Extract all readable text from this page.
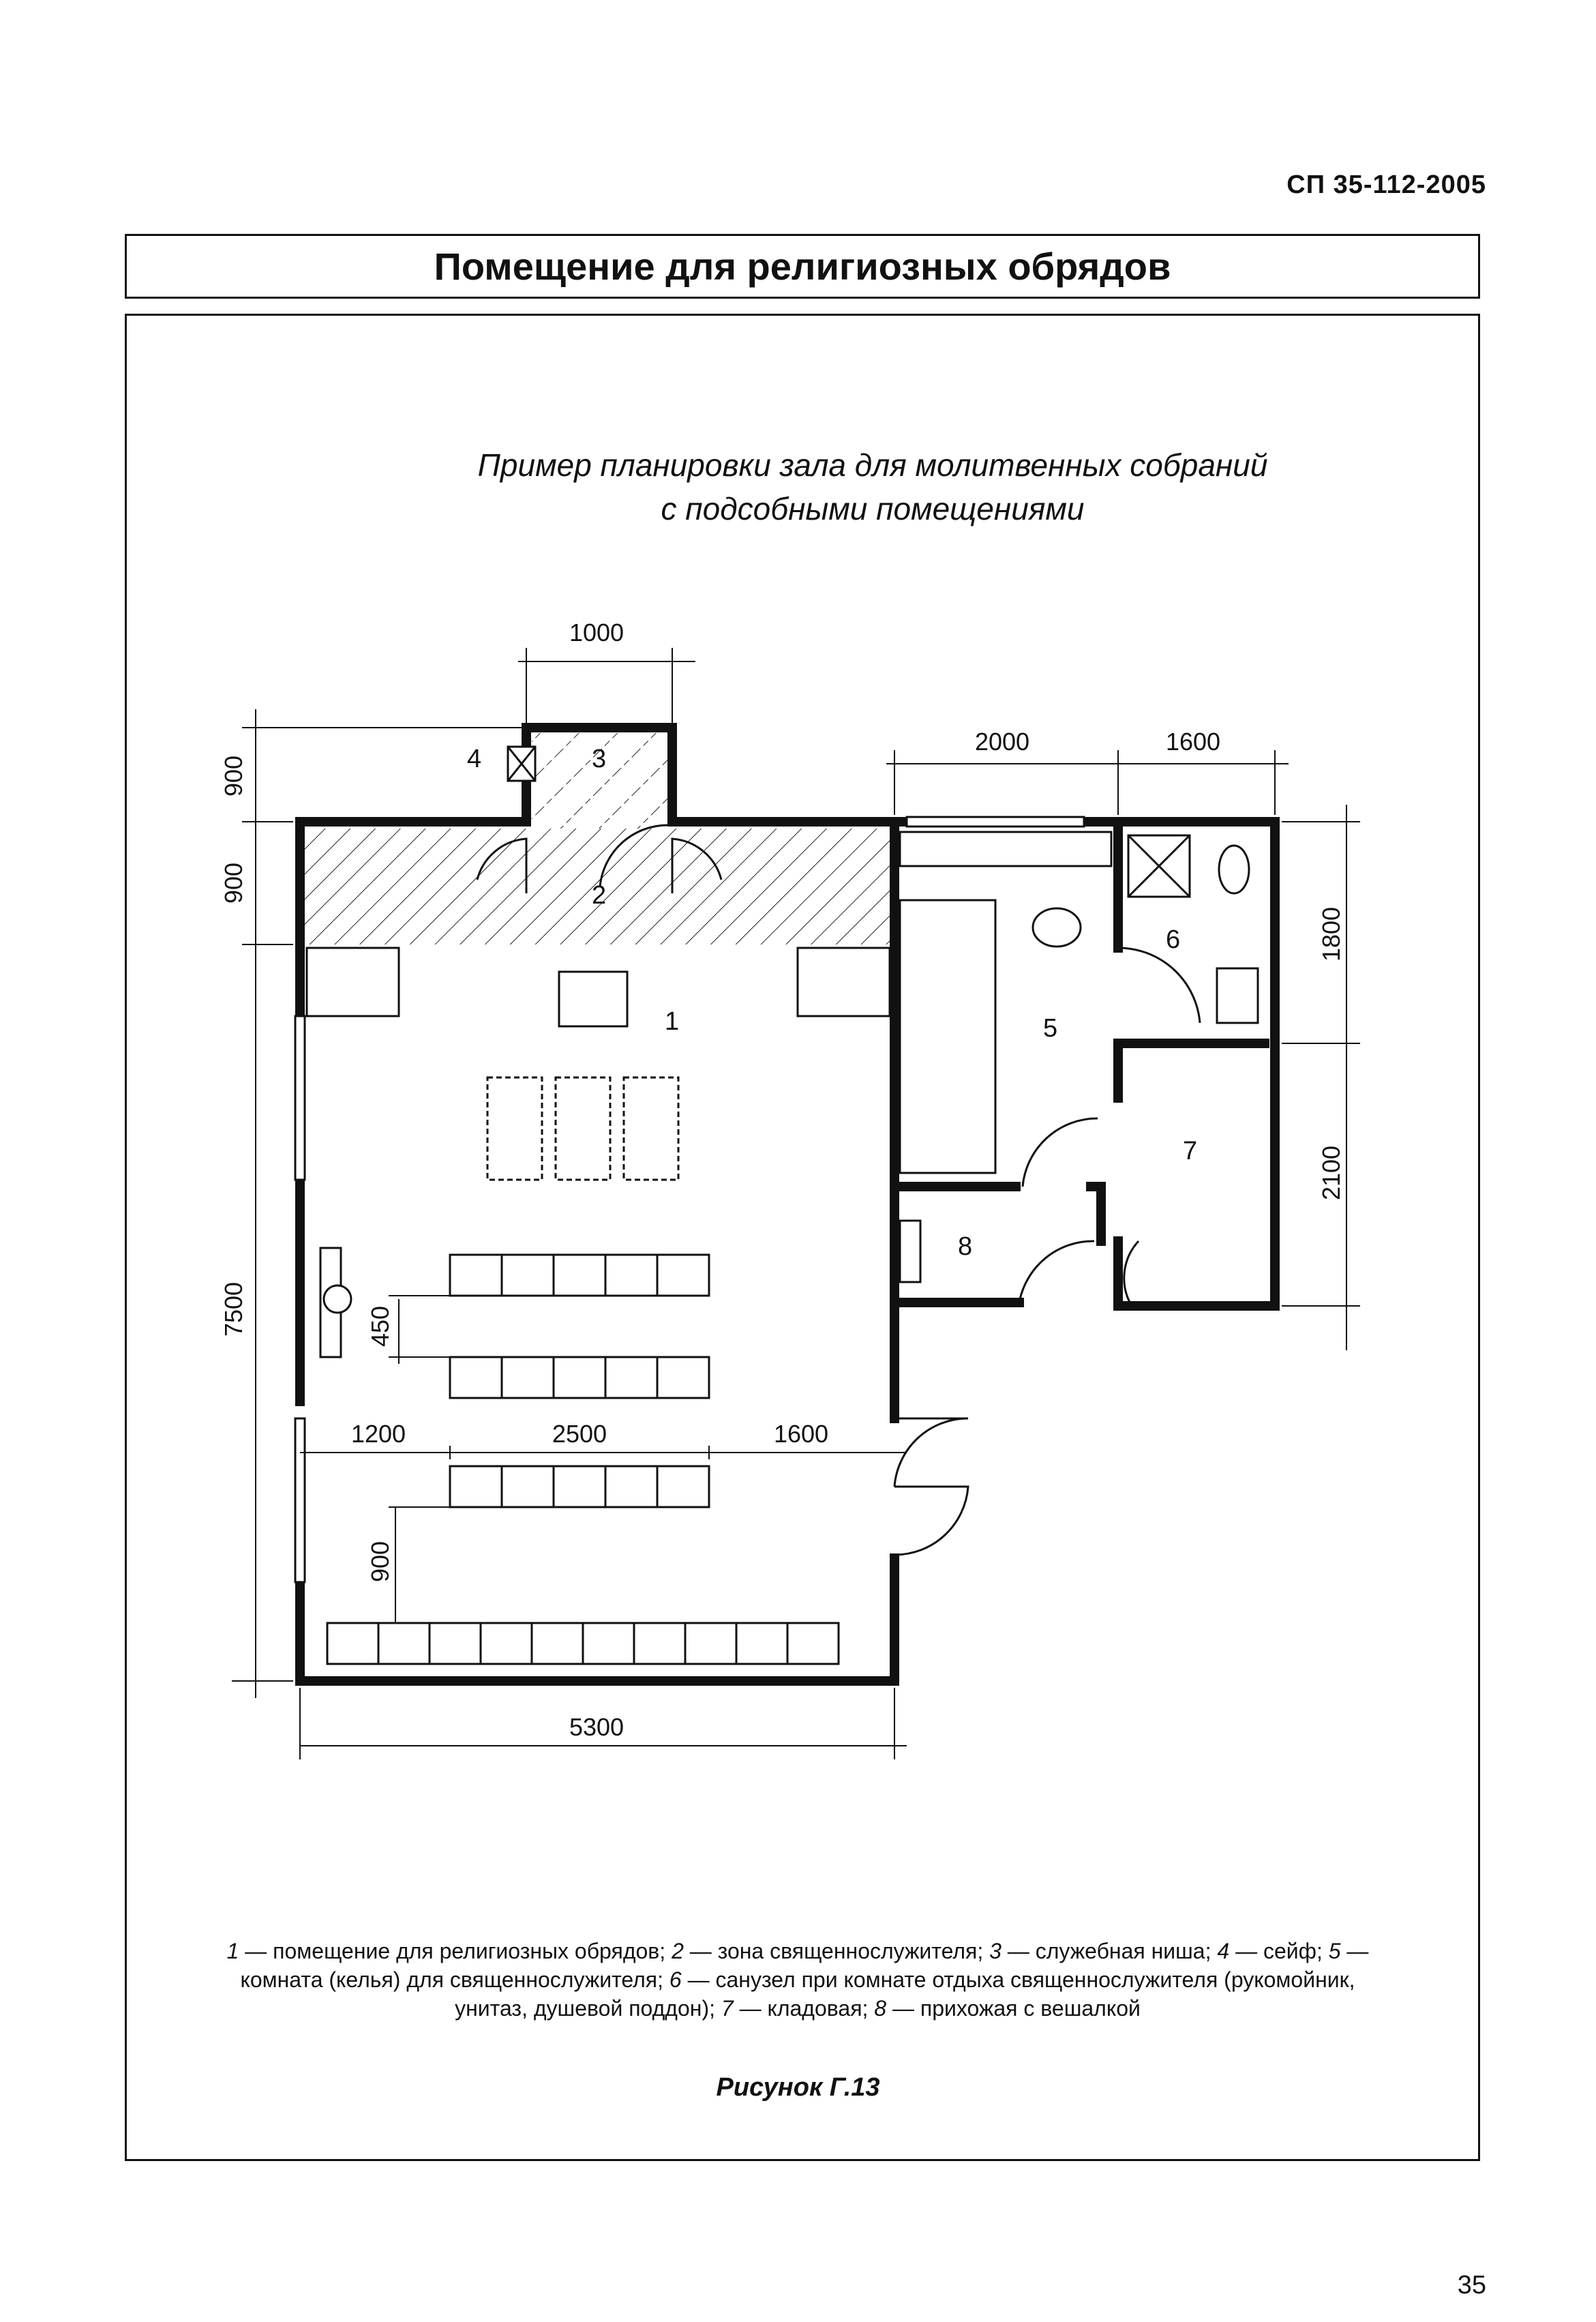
СП 35-112-2005
Помещение для религиозных обрядов
Пример планировки зала для молитвенных собраний
с подсобными помещениями
1000
2000	1600
900
900
7500
1800
2100
450
1200	2500	1600
900
5300
1
2
3
4
5
6
7
8
1 — помещение для религиозных обрядов; 2 — зона священнослужителя; 3 — служебная ниша; 4 — сейф; 5 — комната (келья) для священнослужителя; 6 — санузел при комнате отдыха священнослужителя (рукомойник, унитаз, душевой поддон); 7 — кладовая; 8 — прихожая с вешалкой
Рисунок Г.13
35
